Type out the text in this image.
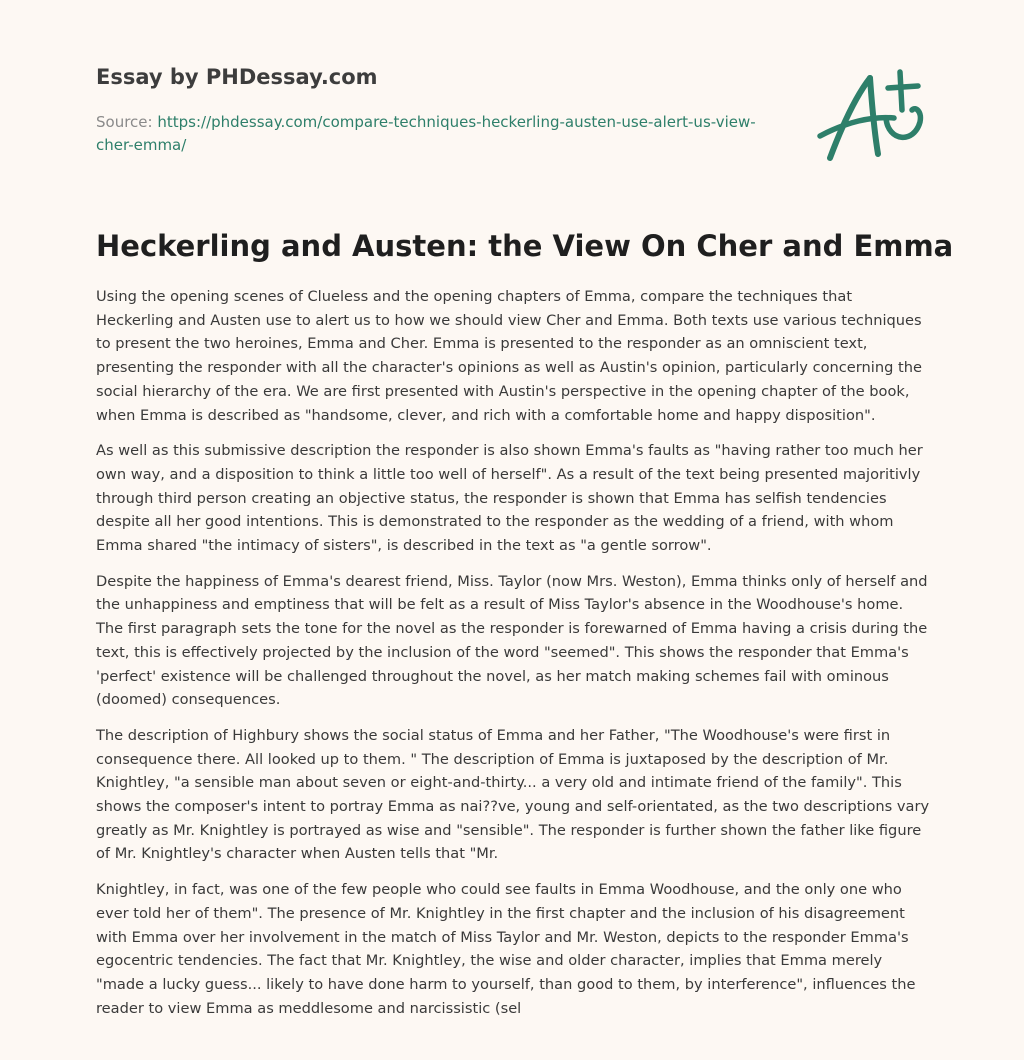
Essay by PHDessay.com
Source: https://phdessay.com/compare-techniques-heckerling-austen-use-alert-us-view-cher-emma/
Heckerling and Austen: the View On Cher and Emma

Using the opening scenes of Clueless and the opening chapters of Emma, compare the techniques that Heckerling and Austen use to alert us to how we should view Cher and Emma. Both texts use various techniques to present the two heroines, Emma and Cher. Emma is presented to the responder as an omniscient text, presenting the responder with all the character's opinions as well as Austin's opinion, particularly concerning the social hierarchy of the era. We are first presented with Austin's perspective in the opening chapter of the book, when Emma is described as "handsome, clever, and rich with a comfortable home and happy disposition".

As well as this submissive description the responder is also shown Emma's faults as "having rather too much her own way, and a disposition to think a little too well of herself". As a result of the text being presented majoritivly through third person creating an objective status, the responder is shown that Emma has selfish tendencies despite all her good intentions. This is demonstrated to the responder as the wedding of a friend, with whom Emma shared "the intimacy of sisters", is described in the text as "a gentle sorrow".

Despite the happiness of Emma's dearest friend, Miss. Taylor (now Mrs. Weston), Emma thinks only of herself and the unhappiness and emptiness that will be felt as a result of Miss Taylor's absence in the Woodhouse's home. The first paragraph sets the tone for the novel as the responder is forewarned of Emma having a crisis during the text, this is effectively projected by the inclusion of the word "seemed". This shows the responder that Emma's 'perfect' existence will be challenged throughout the novel, as her match making schemes fail with ominous (doomed) consequences.

The description of Highbury shows the social status of Emma and her Father, "The Woodhouse's were first in consequence there. All looked up to them. " The description of Emma is juxtaposed by the description of Mr. Knightley, "a sensible man about seven or eight-and-thirty... a very old and intimate friend of the family". This shows the composer's intent to portray Emma as nai??ve, young and self-orientated, as the two descriptions vary greatly as Mr. Knightley is portrayed as wise and "sensible". The responder is further shown the father like figure of Mr. Knightley's character when Austen tells that "Mr.

Knightley, in fact, was one of the few people who could see faults in Emma Woodhouse, and the only one who ever told her of them". The presence of Mr. Knightley in the first chapter and the inclusion of his disagreement with Emma over her involvement in the match of Miss Taylor and Mr. Weston, depicts to the responder Emma's egocentric tendencies. The fact that Mr. Knightley, the wise and older character, implies that Emma merely "made a lucky guess... likely to have done harm to yourself, than good to them, by interference", influences the reader to view Emma as meddlesome and narcissistic (sel
